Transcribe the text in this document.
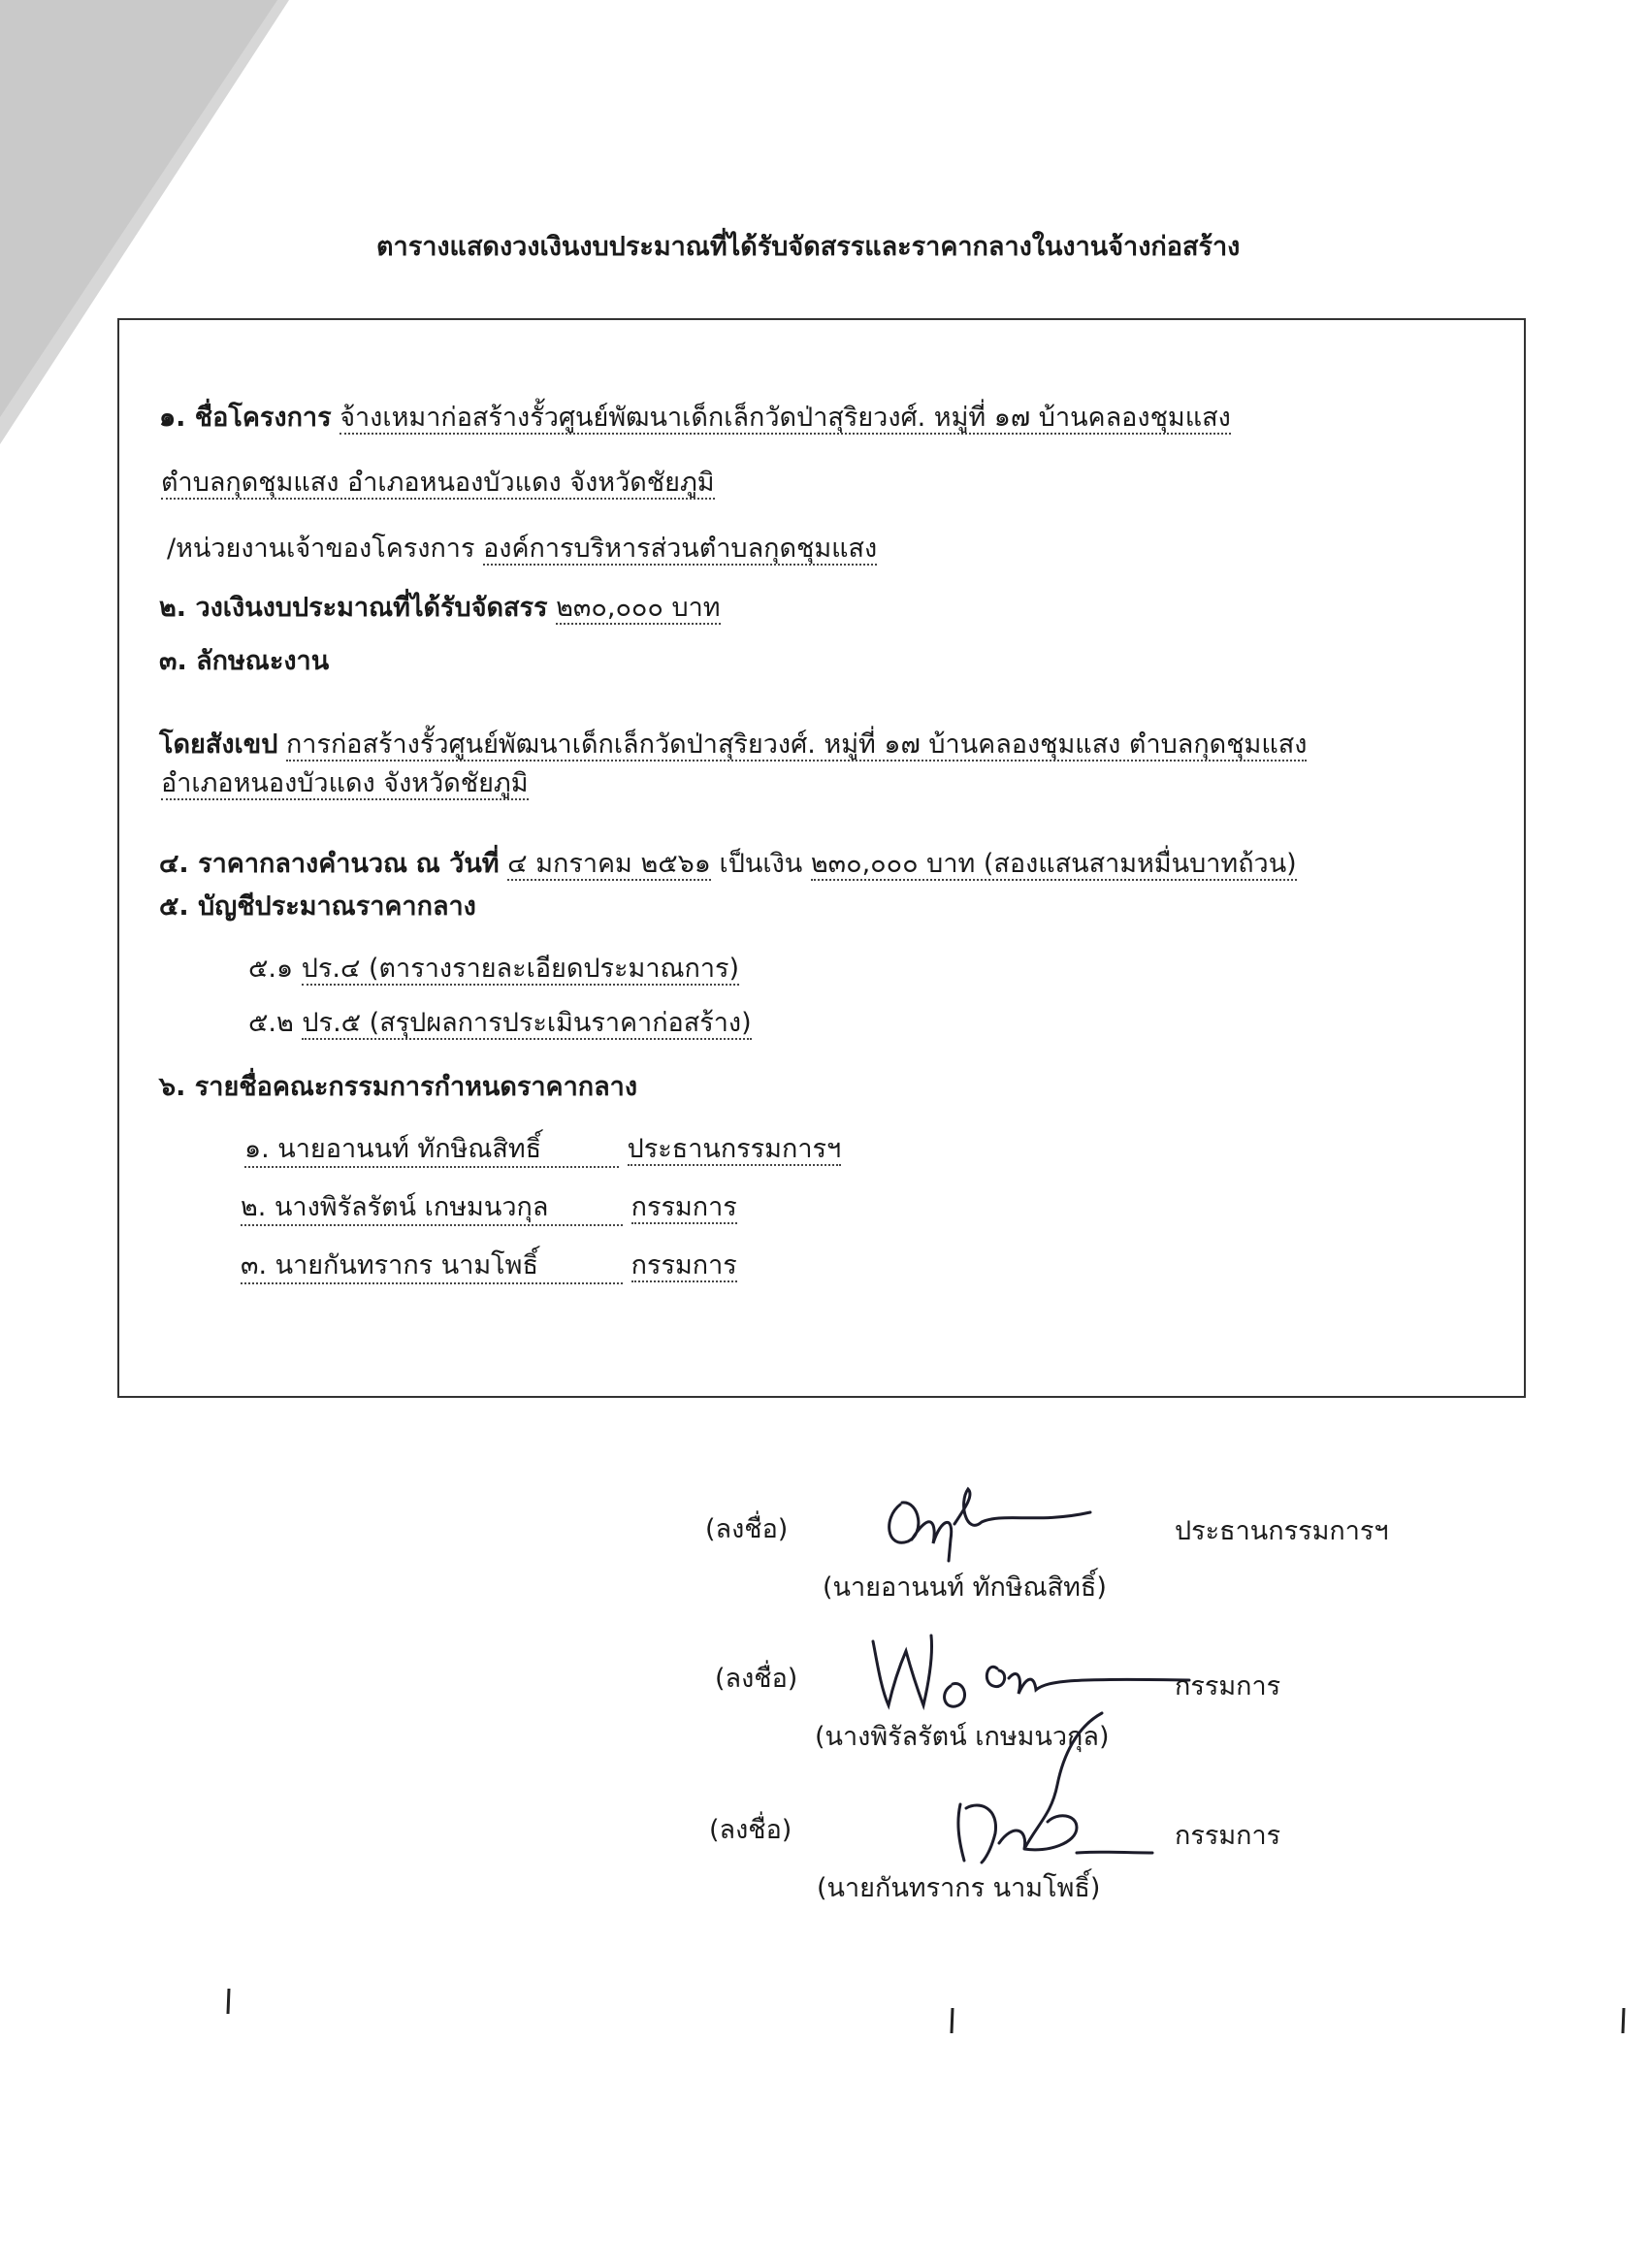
ตารางแสดงวงเงินงบประมาณที่ได้รับจัดสรรและราคากลางในงานจ้างก่อสร้าง
๑. ชื่อโครงการ จ้างเหมาก่อสร้างรั้วศูนย์พัฒนาเด็กเล็กวัดป่าสุริยวงศ์. หมู่ที่ ๑๗ บ้านคลองชุมแสง
ตำบลกุดชุมแสง อำเภอหนองบัวแดง จังหวัดชัยภูมิ
/หน่วยงานเจ้าของโครงการ องค์การบริหารส่วนตำบลกุดชุมแสง
๒. วงเงินงบประมาณที่ได้รับจัดสรร ๒๓๐,๐๐๐ บาท
๓. ลักษณะงาน
โดยสังเขป การก่อสร้างรั้วศูนย์พัฒนาเด็กเล็กวัดป่าสุริยวงศ์. หมู่ที่ ๑๗ บ้านคลองชุมแสง ตำบลกุดชุมแสง
อำเภอหนองบัวแดง จังหวัดชัยภูมิ
๔. ราคากลางคำนวณ ณ วันที่ ๔ มกราคม ๒๕๖๑ เป็นเงิน ๒๓๐,๐๐๐ บาท (สองแสนสามหมื่นบาทถ้วน)
๕. บัญชีประมาณราคากลาง
๕.๑ ปร.๔ (ตารางรายละเอียดประมาณการ)
๕.๒ ปร.๕ (สรุปผลการประเมินราคาก่อสร้าง)
๖. รายชื่อคณะกรรมการกำหนดราคากลาง
๑. นายอานนท์ ทักษิณสิทธิ์	ประธานกรรมการฯ
๒. นางพิรัลรัตน์ เกษมนวกุล	กรรมการ
๓. นายกันทรากร นามโพธิ์	กรรมการ
(ลงชื่อ)	ประธานกรรมการฯ
(นายอานนท์ ทักษิณสิทธิ์)
(ลงชื่อ)	กรรมการ
(นางพิรัลรัตน์ เกษมนวกุล)
(ลงชื่อ)	กรรมการ
(นายกันทรากร นามโพธิ์)
